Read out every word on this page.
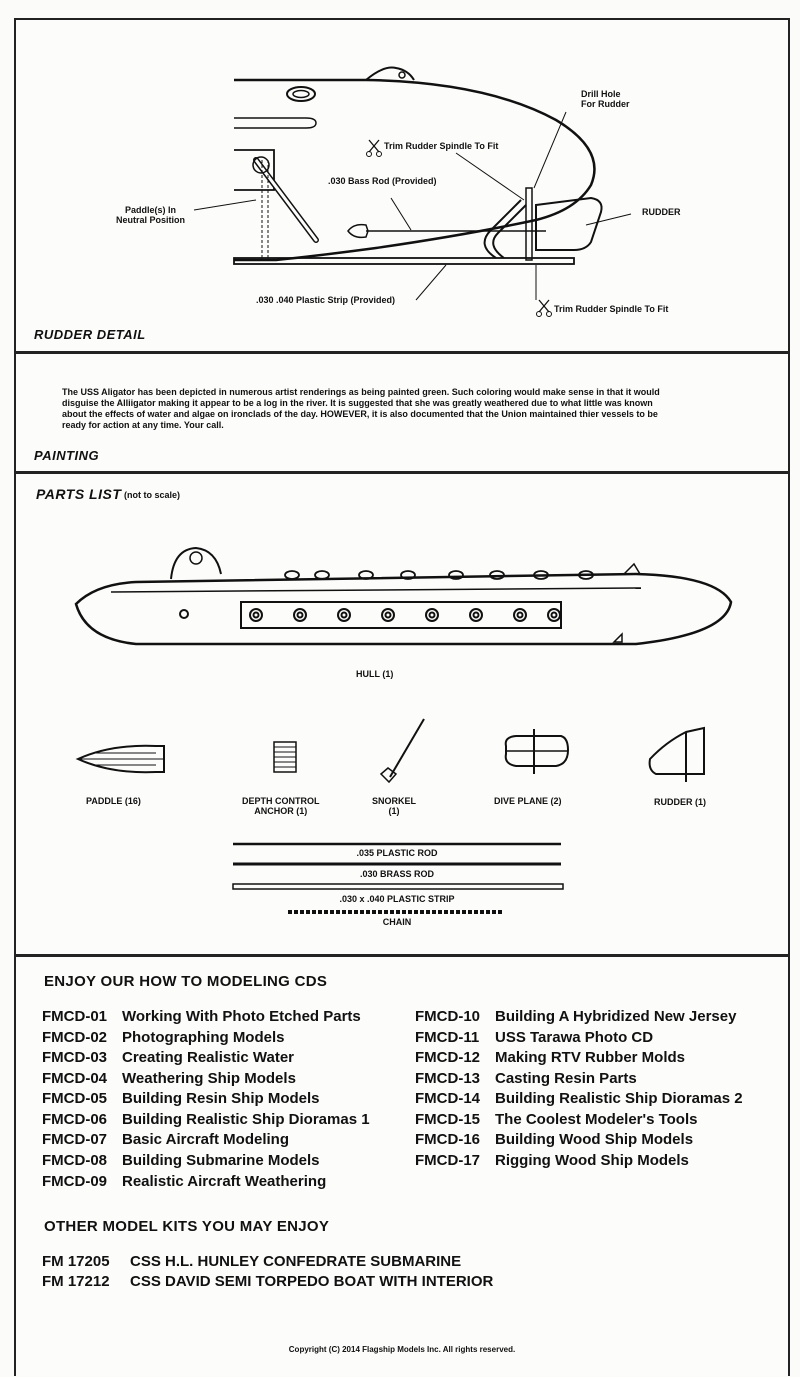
Drill Hole
For Rudder
Trim Rudder Spindle To Fit
.030 Bass Rod (Provided)
Paddle(s) In
Neutral Position
RUDDER
.030 .040 Plastic Strip (Provided)
Trim Rudder Spindle To Fit
RUDDER DETAIL
The USS Aligator has been depicted in numerous artist renderings as being painted green. Such coloring would make sense in that it would
disguise the Alliigator making it appear to be a log in the river. It is suggested that she was greatly weathered due to what little was known
about the effects of water and algae on ironclads of the day. HOWEVER, it is also documented that the Union maintained thier vessels to be
ready for action at any time. Your call.
PAINTING
PARTS LIST (not to scale)
HULL (1)
PADDLE (16)	DEPTH CONTROL
ANCHOR (1)
SNORKEL
(1)
DIVE PLANE (2)	RUDDER (1)
.035 PLASTIC ROD
.030 BRASS ROD
.030 x .040 PLASTIC STRIP
CHAIN
ENJOY OUR HOW TO MODELING CDS
FMCD-01 Working With Photo Etched Parts
FMCD-02 Photographing Models
FMCD-03 Creating Realistic Water
FMCD-04 Weathering Ship Models
FMCD-05 Building Resin Ship Models
FMCD-06 Building Realistic Ship Dioramas 1
FMCD-07 Basic Aircraft Modeling
FMCD-08 Building Submarine Models
FMCD-09 Realistic Aircraft Weathering
FMCD-10 Building A Hybridized New Jersey
FMCD-11 USS Tarawa Photo CD
FMCD-12 Making RTV Rubber Molds
FMCD-13 Casting Resin Parts
FMCD-14 Building Realistic Ship Dioramas 2
FMCD-15 The Coolest Modeler's Tools
FMCD-16 Building Wood Ship Models
FMCD-17 Rigging Wood Ship Models
OTHER MODEL KITS YOU MAY ENJOY
FM 17205 CSS H.L. HUNLEY CONFEDRATE SUBMARINE
FM 17212 CSS DAVID SEMI TORPEDO BOAT WITH INTERIOR
Copyright (C) 2014 Flagship Models Inc. All rights reserved.
